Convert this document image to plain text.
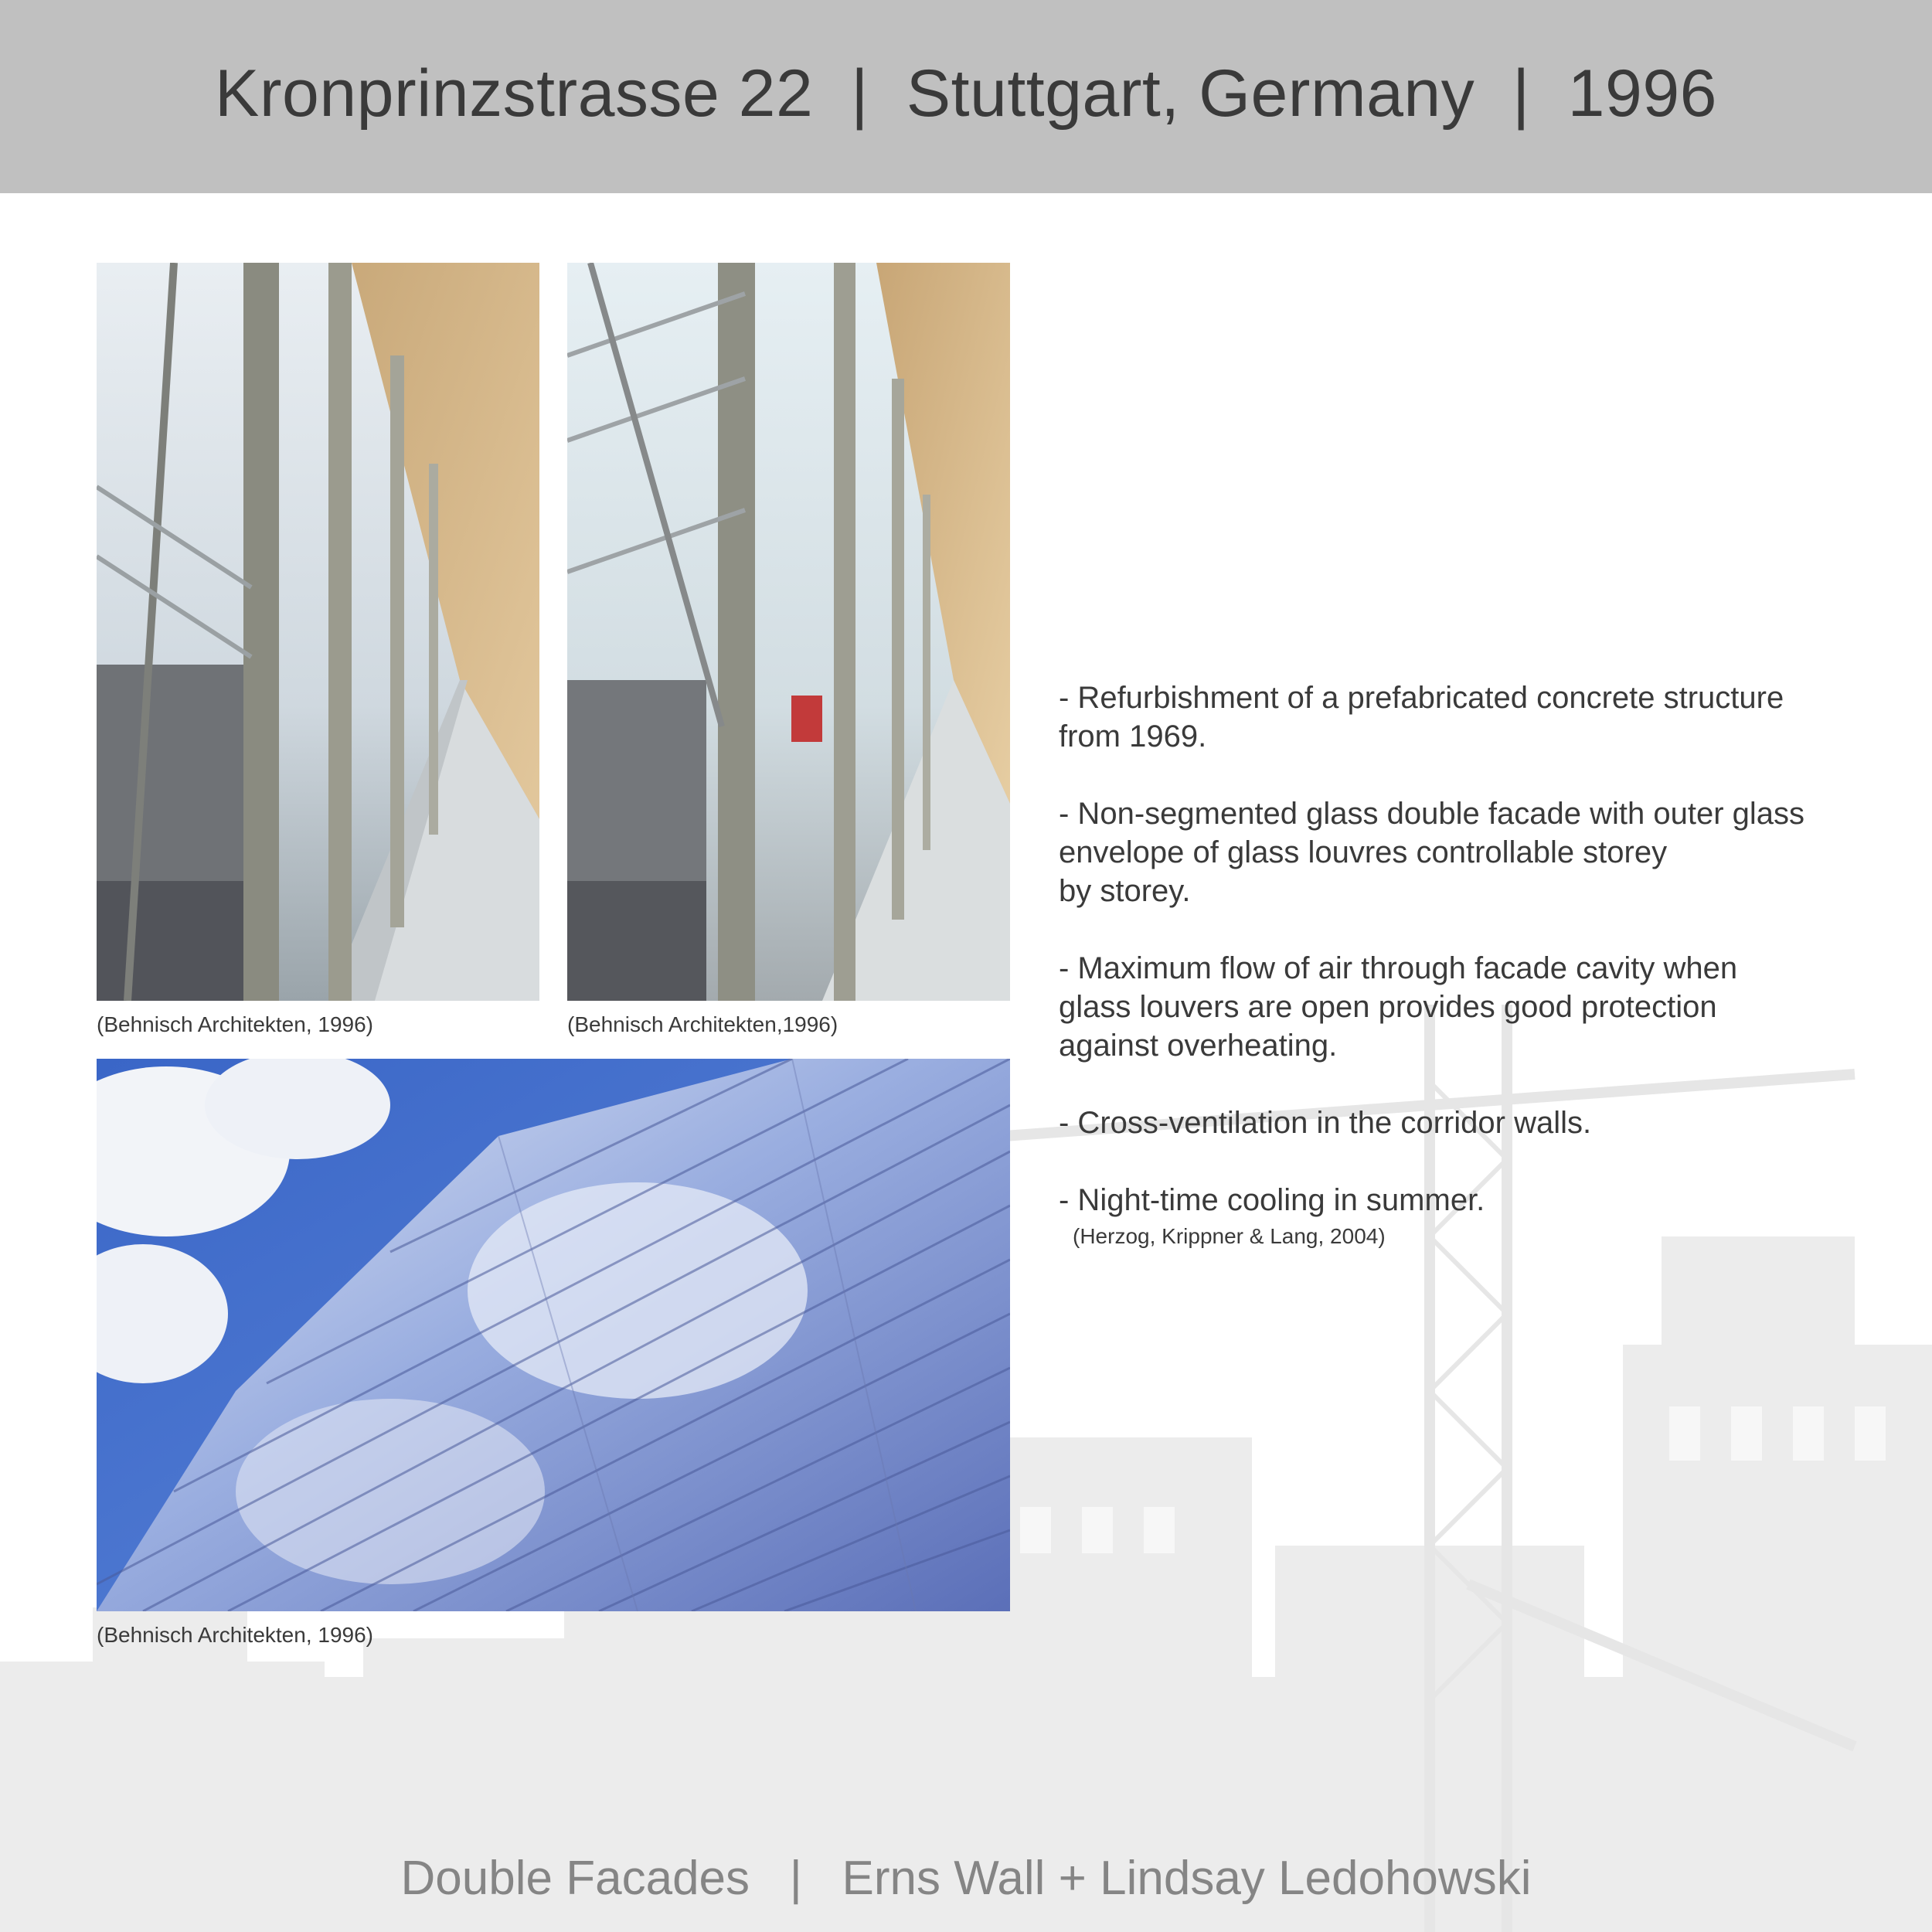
Kronprinzstrasse 22  |  Stuttgart, Germany  |  1996
(Behnisch Architekten, 1996)	(Behnisch Architekten,1996)
(Behnisch Architekten, 1996)
- Refurbishment of a prefabricated concrete structure
from 1969.
- Non-segmented glass double facade with outer glass
envelope of glass louvres controllable storey
by storey.
- Maximum flow of air through facade cavity when
glass louvers are open provides good protection
against overheating.
- Cross-ventilation in the corridor walls.
- Night-time cooling in summer.
(Herzog, Krippner & Lang, 2004)
Double Facades   |   Erns Wall + Lindsay Ledohowski
